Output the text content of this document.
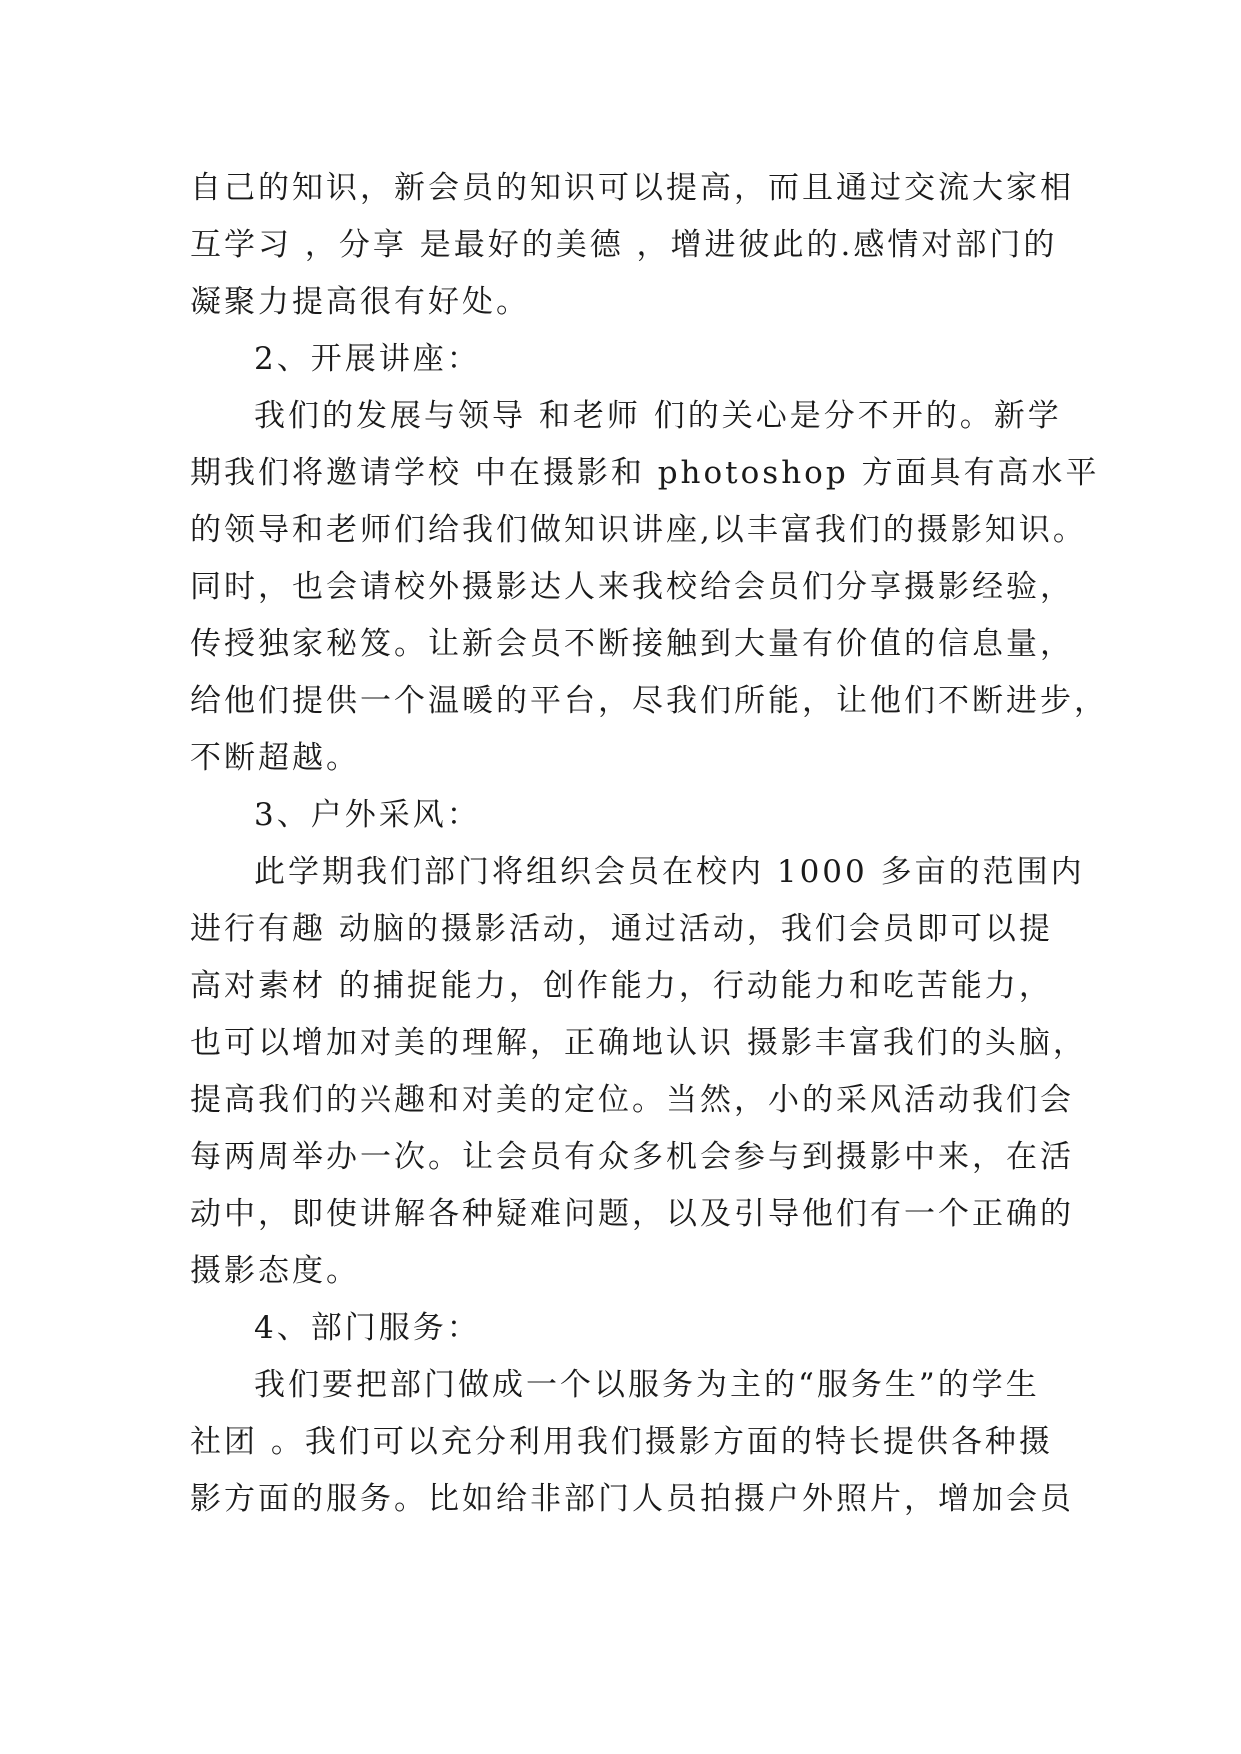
自己的知识，新会员的知识可以提高，而且通过交流大家相
互学习 ，分享 是最好的美德 ，增进彼此的.感情对部门的
凝聚力提高很有好处。
2、开展讲座：
我们的发展与领导 和老师 们的关心是分不开的。新学
期我们将邀请学校 中在摄影和 photoshop 方面具有高水平
的领导和老师们给我们做知识讲座,以丰富我们的摄影知识。
同时，也会请校外摄影达人来我校给会员们分享摄影经验，
传授独家秘笈。让新会员不断接触到大量有价值的信息量，
给他们提供一个温暖的平台，尽我们所能，让他们不断进步，
不断超越。
3、户外采风：
此学期我们部门将组织会员在校内 1000 多亩的范围内
进行有趣 动脑的摄影活动，通过活动，我们会员即可以提
高对素材 的捕捉能力，创作能力，行动能力和吃苦能力，
也可以增加对美的理解，正确地认识 摄影丰富我们的头脑，
提高我们的兴趣和对美的定位。当然，小的采风活动我们会
每两周举办一次。让会员有众多机会参与到摄影中来，在活
动中，即使讲解各种疑难问题，以及引导他们有一个正确的
摄影态度。
4、部门服务：
我们要把部门做成一个以服务为主的“服务生”的学生
社团 。我们可以充分利用我们摄影方面的特长提供各种摄
影方面的服务。比如给非部门人员拍摄户外照片，增加会员
